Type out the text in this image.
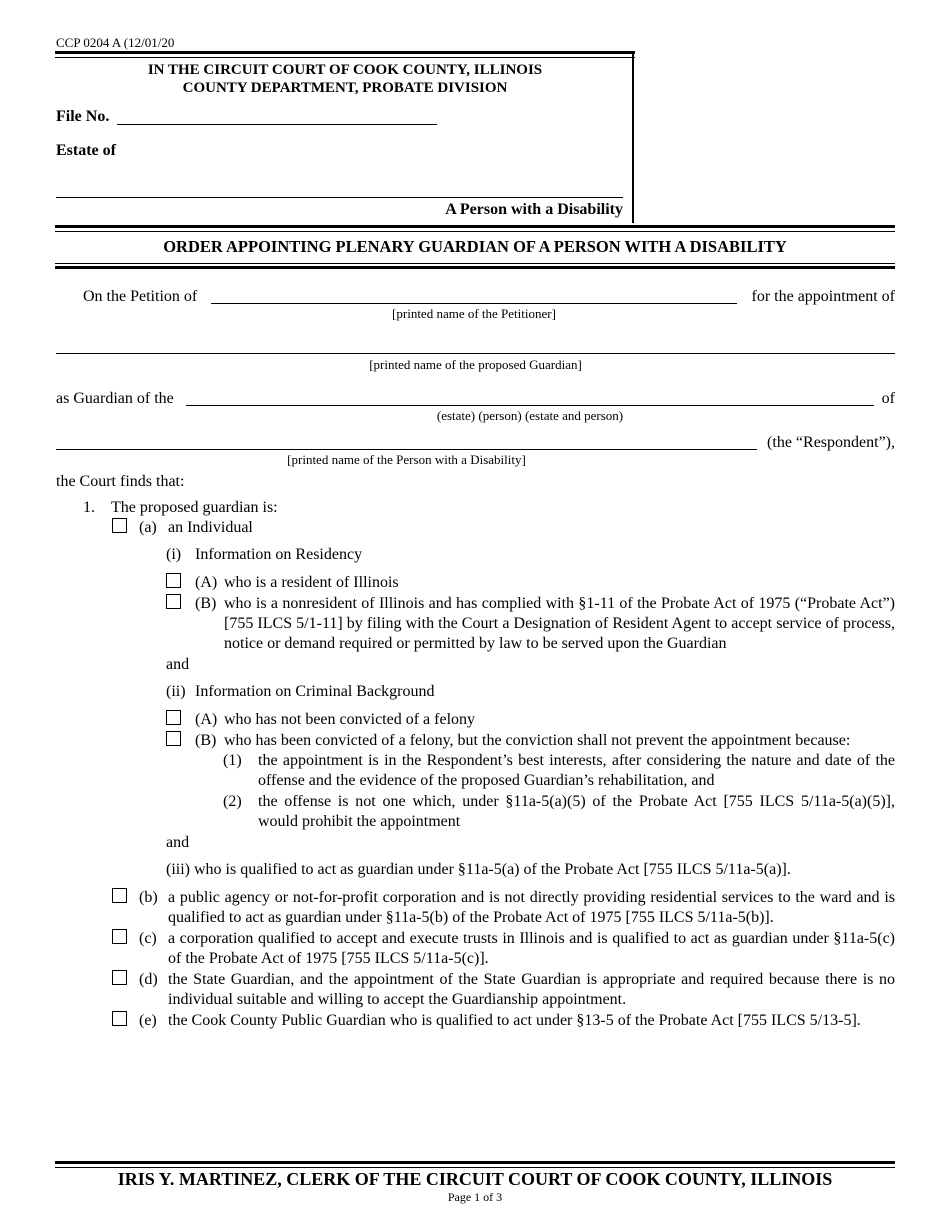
CCP 0204 A (12/01/20
IN THE CIRCUIT COURT OF COOK COUNTY, ILLINOIS
COUNTY DEPARTMENT, PROBATE DIVISION
File No.
Estate of
A Person with a Disability
ORDER APPOINTING PLENARY GUARDIAN OF A PERSON WITH A DISABILITY
On the Petition of	for the appointment of
[printed name of the Petitioner]
[printed name of the proposed Guardian]
as Guardian of the	of
(estate) (person) (estate and person)
(the “Respondent”),
[printed name of the Person with a Disability]
the Court finds that:
1. The proposed guardian is:
(a) an Individual
(i) Information on Residency
(A) who is a resident of Illinois
(B) who is a nonresident of Illinois and has complied with §1-11 of the Probate Act of 1975 (“Probate Act”) [755 ILCS 5/1-11] by filing with the Court a Designation of Resident Agent to accept service of process, notice or demand required or permitted by law to be served upon the Guardian
and
(ii) Information on Criminal Background
(A) who has not been convicted of a felony
(B) who has been convicted of a felony, but the conviction shall not prevent the appointment because:
(1) the appointment is in the Respondent’s best interests, after considering the nature and date of the offense and the evidence of the proposed Guardian’s rehabilitation, and
(2) the offense is not one which, under §11a-5(a)(5) of the Probate Act [755 ILCS 5/11a-5(a)(5)], would prohibit the appointment
and
(iii) who is qualified to act as guardian under §11a-5(a) of the Probate Act [755 ILCS 5/11a-5(a)].
(b) a public agency or not-for-profit corporation and is not directly providing residential services to the ward and is qualified to act as guardian under §11a-5(b) of the Probate Act of 1975 [755 ILCS 5/11a-5(b)].
(c) a corporation qualified to accept and execute trusts in Illinois and is qualified to act as guardian under §11a-5(c) of the Probate Act of 1975 [755 ILCS 5/11a-5(c)].
(d) the State Guardian, and the appointment of the State Guardian is appropriate and required because there is no individual suitable and willing to accept the Guardianship appointment.
(e) the Cook County Public Guardian who is qualified to act under §13-5 of the Probate Act [755 ILCS 5/13-5].
IRIS Y. MARTINEZ, CLERK OF THE CIRCUIT COURT OF COOK COUNTY, ILLINOIS
Page 1 of 3
